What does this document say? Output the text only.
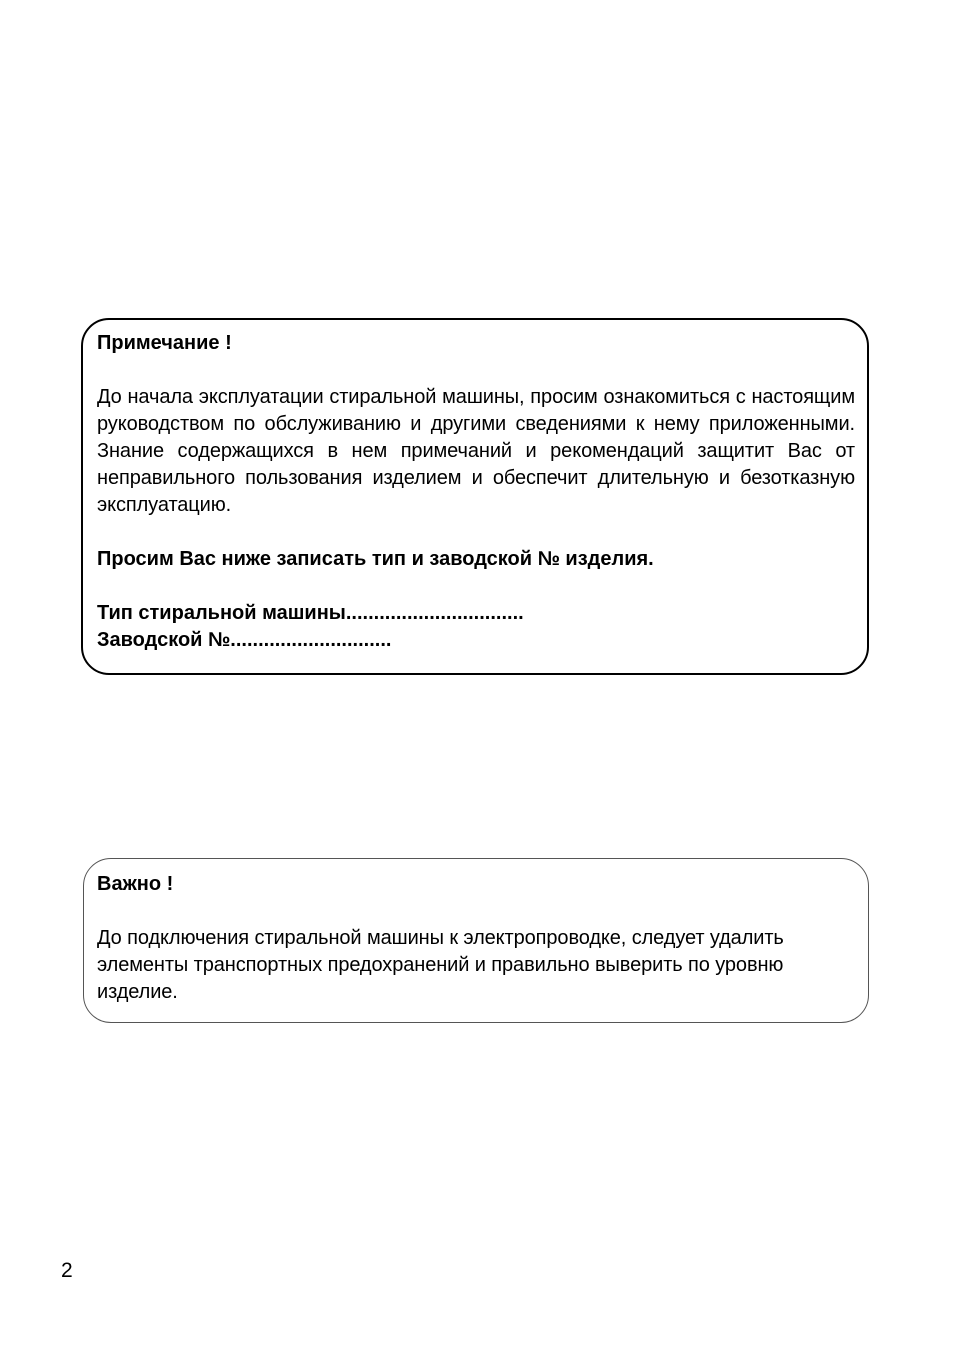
Примечание !

До начала эксплуатации стиральной машины, просим ознакомиться с настоящим руководством по обслуживанию и другими сведениями к нему приложенными. Знание содержащихся в нем примечаний и рекомендаций защитит Вас от неправильного пользования изделием и обеспечит длительную и безотказную эксплуатацию.

Просим Вас ниже записать тип и заводской № изделия.

Тип стиральной машины................................

Заводской №.............................

Важно !

До подключения стиральной машины к электропроводке, следует удалить элементы транспортных предохранений и правильно выверить по уровню изделие.

2
